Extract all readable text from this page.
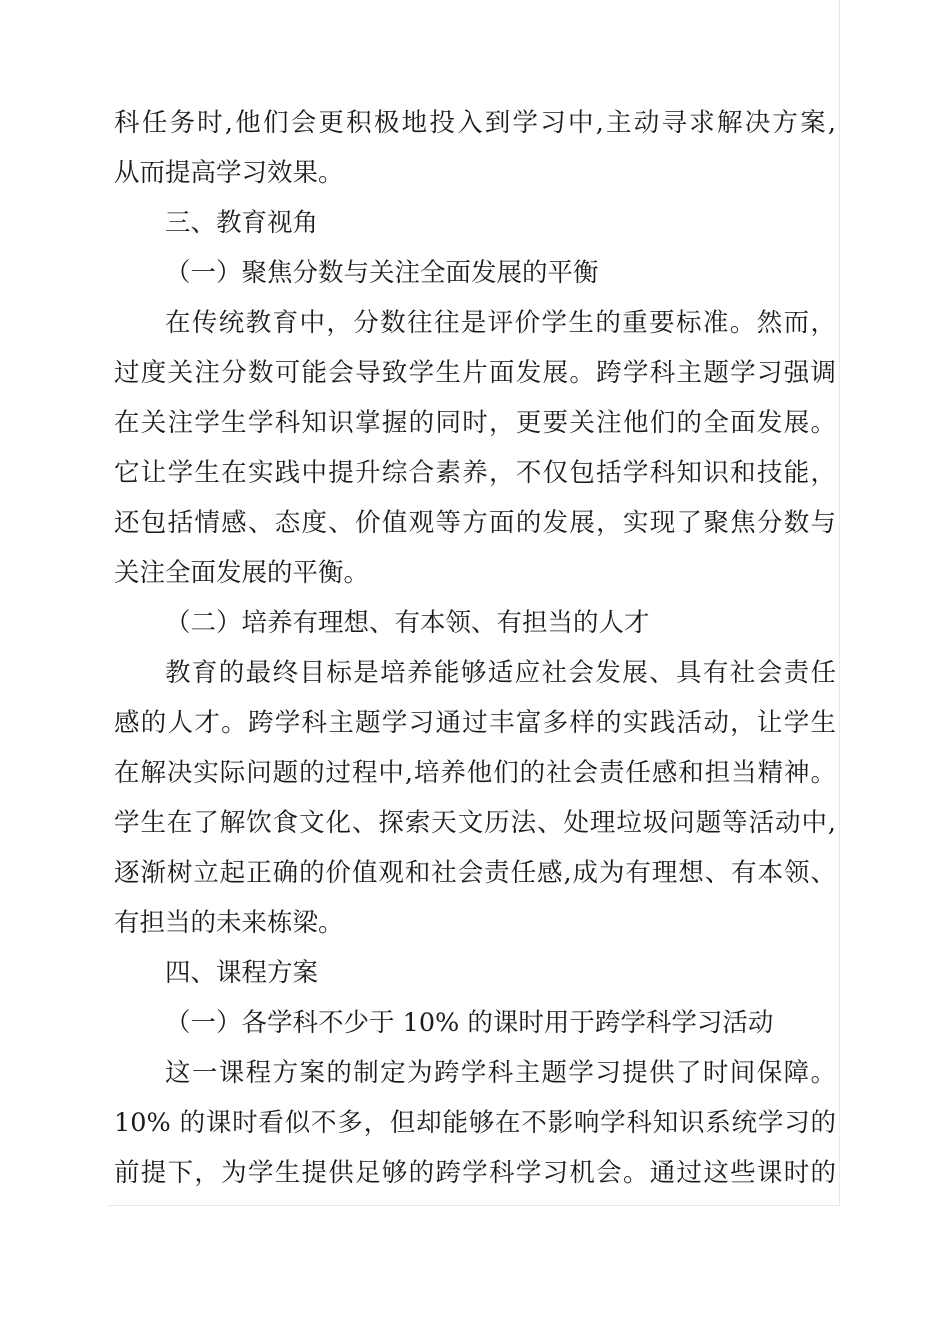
科任务时,他们会更积极地投入到学习中,主动寻求解决方案,
从而提高学习效果。
三、教育视角
（一）聚焦分数与关注全面发展的平衡
在传统教育中，分数往往是评价学生的重要标准。然而，
过度关注分数可能会导致学生片面发展。跨学科主题学习强调
在关注学生学科知识掌握的同时，更要关注他们的全面发展。
它让学生在实践中提升综合素养，不仅包括学科知识和技能，
还包括情感、态度、价值观等方面的发展，实现了聚焦分数与
关注全面发展的平衡。
（二）培养有理想、有本领、有担当的人才
教育的最终目标是培养能够适应社会发展、具有社会责任
感的人才。跨学科主题学习通过丰富多样的实践活动，让学生
在解决实际问题的过程中,培养他们的社会责任感和担当精神。
学生在了解饮食文化、探索天文历法、处理垃圾问题等活动中,
逐渐树立起正确的价值观和社会责任感,成为有理想、有本领、
有担当的未来栋梁。
四、课程方案
（一）各学科不少于 10% 的课时用于跨学科学习活动
这一课程方案的制定为跨学科主题学习提供了时间保障。
10% 的课时看似不多，但却能够在不影响学科知识系统学习的
前提下，为学生提供足够的跨学科学习机会。通过这些课时的
